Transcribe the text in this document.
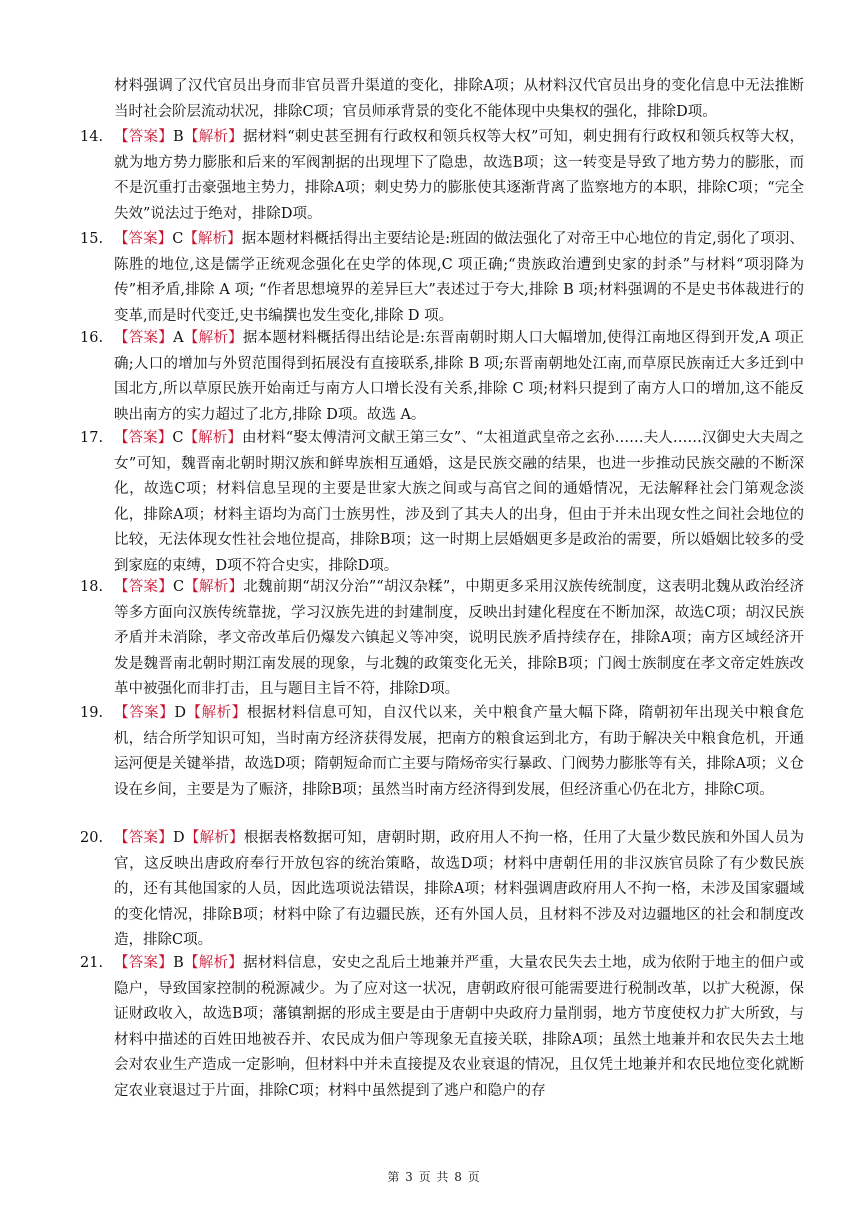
材料强调了汉代官员出身而非官员晋升渠道的变化，排除A项；从材料汉代官员出身的变化信息中无法推断当时社会阶层流动状况，排除C项；官员师承背景的变化不能体现中央集权的强化，排除D项。
14. 【答案】B【解析】据材料“刺史甚至拥有行政权和领兵权等大权”可知，刺史拥有行政权和领兵权等大权，就为地方势力膨胀和后来的军阀割据的出现埋下了隐患，故选B项；这一转变是导致了地方势力的膨胀，而不是沉重打击豪强地主势力，排除A项；刺史势力的膨胀使其逐渐背离了监察地方的本职，排除C项；“完全失效”说法过于绝对，排除D项。
15. 【答案】C【解析】据本题材料概括得出主要结论是:班固的做法强化了对帝王中心地位的肯定,弱化了项羽、陈胜的地位,这是儒学正统观念强化在史学的体现,C 项正确;“贵族政治遭到史家的封杀”与材料“项羽降为传”相矛盾,排除 A 项; “作者思想境界的差异巨大”表述过于夸大,排除 B 项;材料强调的不是史书体裁进行的变革,而是时代变迁,史书编撰也发生变化,排除 D 项。
16. 【答案】A【解析】据本题材料概括得出结论是:东晋南朝时期人口大幅增加,使得江南地区得到开发,A 项正确;人口的增加与外贸范围得到拓展没有直接联系,排除 B 项;东晋南朝地处江南,而草原民族南迁大多迁到中国北方,所以草原民族开始南迁与南方人口增长没有关系,排除 C 项;材料只提到了南方人口的增加,这不能反映出南方的实力超过了北方,排除 D项。故选 A。
17. 【答案】C【解析】由材料“娶太傅清河文献王第三女”、“太祖道武皇帝之玄孙……夫人……汉御史大夫周之女”可知，魏晋南北朝时期汉族和鲜卑族相互通婚，这是民族交融的结果，也进一步推动民族交融的不断深化，故选C项；材料信息呈现的主要是世家大族之间或与高官之间的通婚情况，无法解释社会门第观念淡化，排除A项；材料主语均为高门士族男性，涉及到了其夫人的出身，但由于并未出现女性之间社会地位的比较，无法体现女性社会地位提高，排除B项；这一时期上层婚姻更多是政治的需要，所以婚姻比较多的受到家庭的束缚，D项不符合史实，排除D项。
18. 【答案】C【解析】北魏前期“胡汉分治”“胡汉杂糅”，中期更多采用汉族传统制度，这表明北魏从政治经济等多方面向汉族传统靠拢，学习汉族先进的封建制度，反映出封建化程度在不断加深，故选C项；胡汉民族矛盾并未消除，孝文帝改革后仍爆发六镇起义等冲突，说明民族矛盾持续存在，排除A项；南方区域经济开发是魏晋南北朝时期江南发展的现象，与北魏的政策变化无关，排除B项；门阀士族制度在孝文帝定姓族改革中被强化而非打击，且与题目主旨不符，排除D项。
19. 【答案】D【解析】根据材料信息可知，自汉代以来，关中粮食产量大幅下降，隋朝初年出现关中粮食危机，结合所学知识可知，当时南方经济获得发展，把南方的粮食运到北方，有助于解决关中粮食危机，开通运河便是关键举措，故选D项；隋朝短命而亡主要与隋炀帝实行暴政、门阀势力膨胀等有关，排除A项；义仓设在乡间，主要是为了赈济，排除B项；虽然当时南方经济得到发展，但经济重心仍在北方，排除C项。
20. 【答案】D【解析】根据表格数据可知，唐朝时期，政府用人不拘一格，任用了大量少数民族和外国人员为官，这反映出唐政府奉行开放包容的统治策略，故选D项；材料中唐朝任用的非汉族官员除了有少数民族的，还有其他国家的人员，因此选项说法错误，排除A项；材料强调唐政府用人不拘一格，未涉及国家疆域的变化情况，排除B项；材料中除了有边疆民族，还有外国人员，且材料不涉及对边疆地区的社会和制度改造，排除C项。
21. 【答案】B【解析】据材料信息，安史之乱后土地兼并严重，大量农民失去土地，成为依附于地主的佃户或隐户，导致国家控制的税源减少。为了应对这一状况，唐朝政府很可能需要进行税制改革，以扩大税源，保证财政收入，故选B项；藩镇割据的形成主要是由于唐朝中央政府力量削弱，地方节度使权力扩大所致，与材料中描述的百姓田地被吞并、农民成为佃户等现象无直接关联，排除A项；虽然土地兼并和农民失去土地会对农业生产造成一定影响，但材料中并未直接提及农业衰退的情况，且仅凭土地兼并和农民地位变化就断定农业衰退过于片面，排除C项；材料中虽然提到了逃户和隐户的存
第 3 页 共 8 页
